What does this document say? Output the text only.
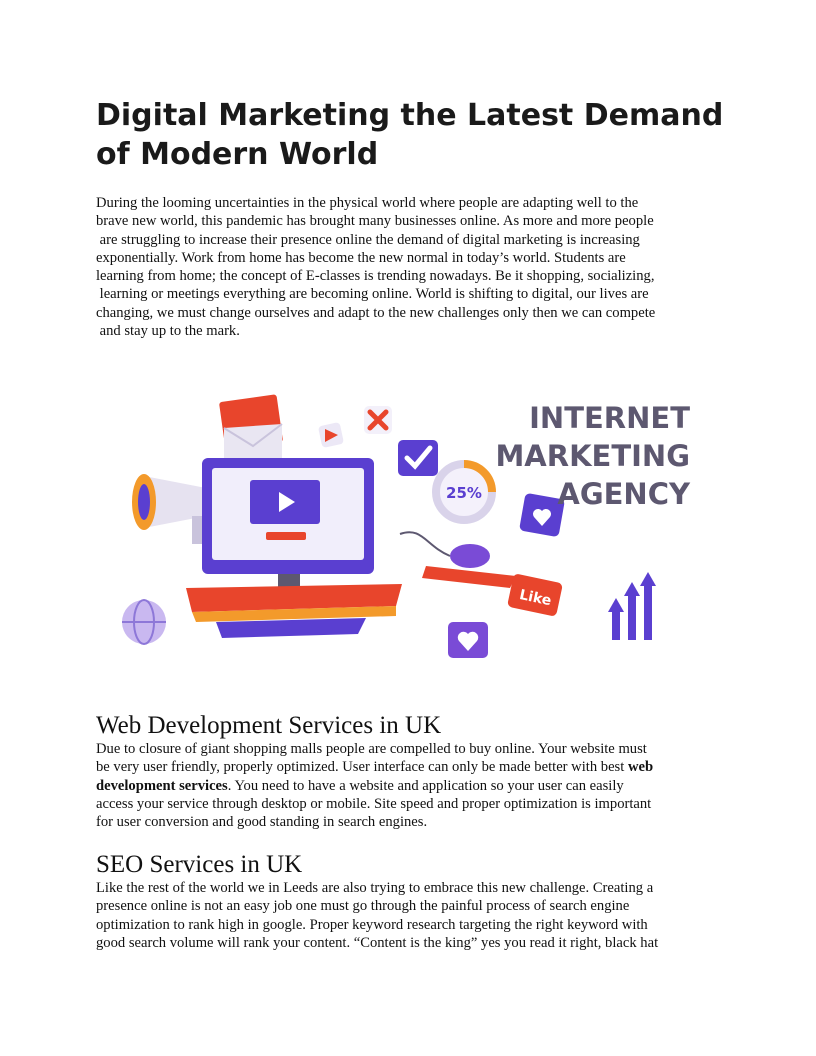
Digital Marketing the Latest Demand
of Modern World
During the looming uncertainties in the physical world where people are adapting well to the
brave new world, this pandemic has brought many businesses online. As more and more people
are struggling to increase their presence online the demand of digital marketing is increasing
exponentially. Work from home has become the new normal in today’s world. Students are
learning from home; the concept of E-classes is trending nowadays. Be it shopping, socializing,
learning or meetings everything are becoming online. World is shifting to digital, our lives are
changing, we must change ourselves and adapt to the new challenges only then we can compete
and stay up to the mark.
25%
Like
INTERNET
MARKETING
AGENCY
Web Development Services in UK
Due to closure of giant shopping malls people are compelled to buy online. Your website must
be very user friendly, properly optimized. User interface can only be made better with best web
development services. You need to have a website and application so your user can easily
access your service through desktop or mobile. Site speed and proper optimization is important
for user conversion and good standing in search engines.
SEO Services in UK
Like the rest of the world we in Leeds are also trying to embrace this new challenge. Creating a
presence online is not an easy job one must go through the painful process of search engine
optimization to rank high in google. Proper keyword research targeting the right keyword with
good search volume will rank your content. “Content is the king” yes you read it right, black hat
